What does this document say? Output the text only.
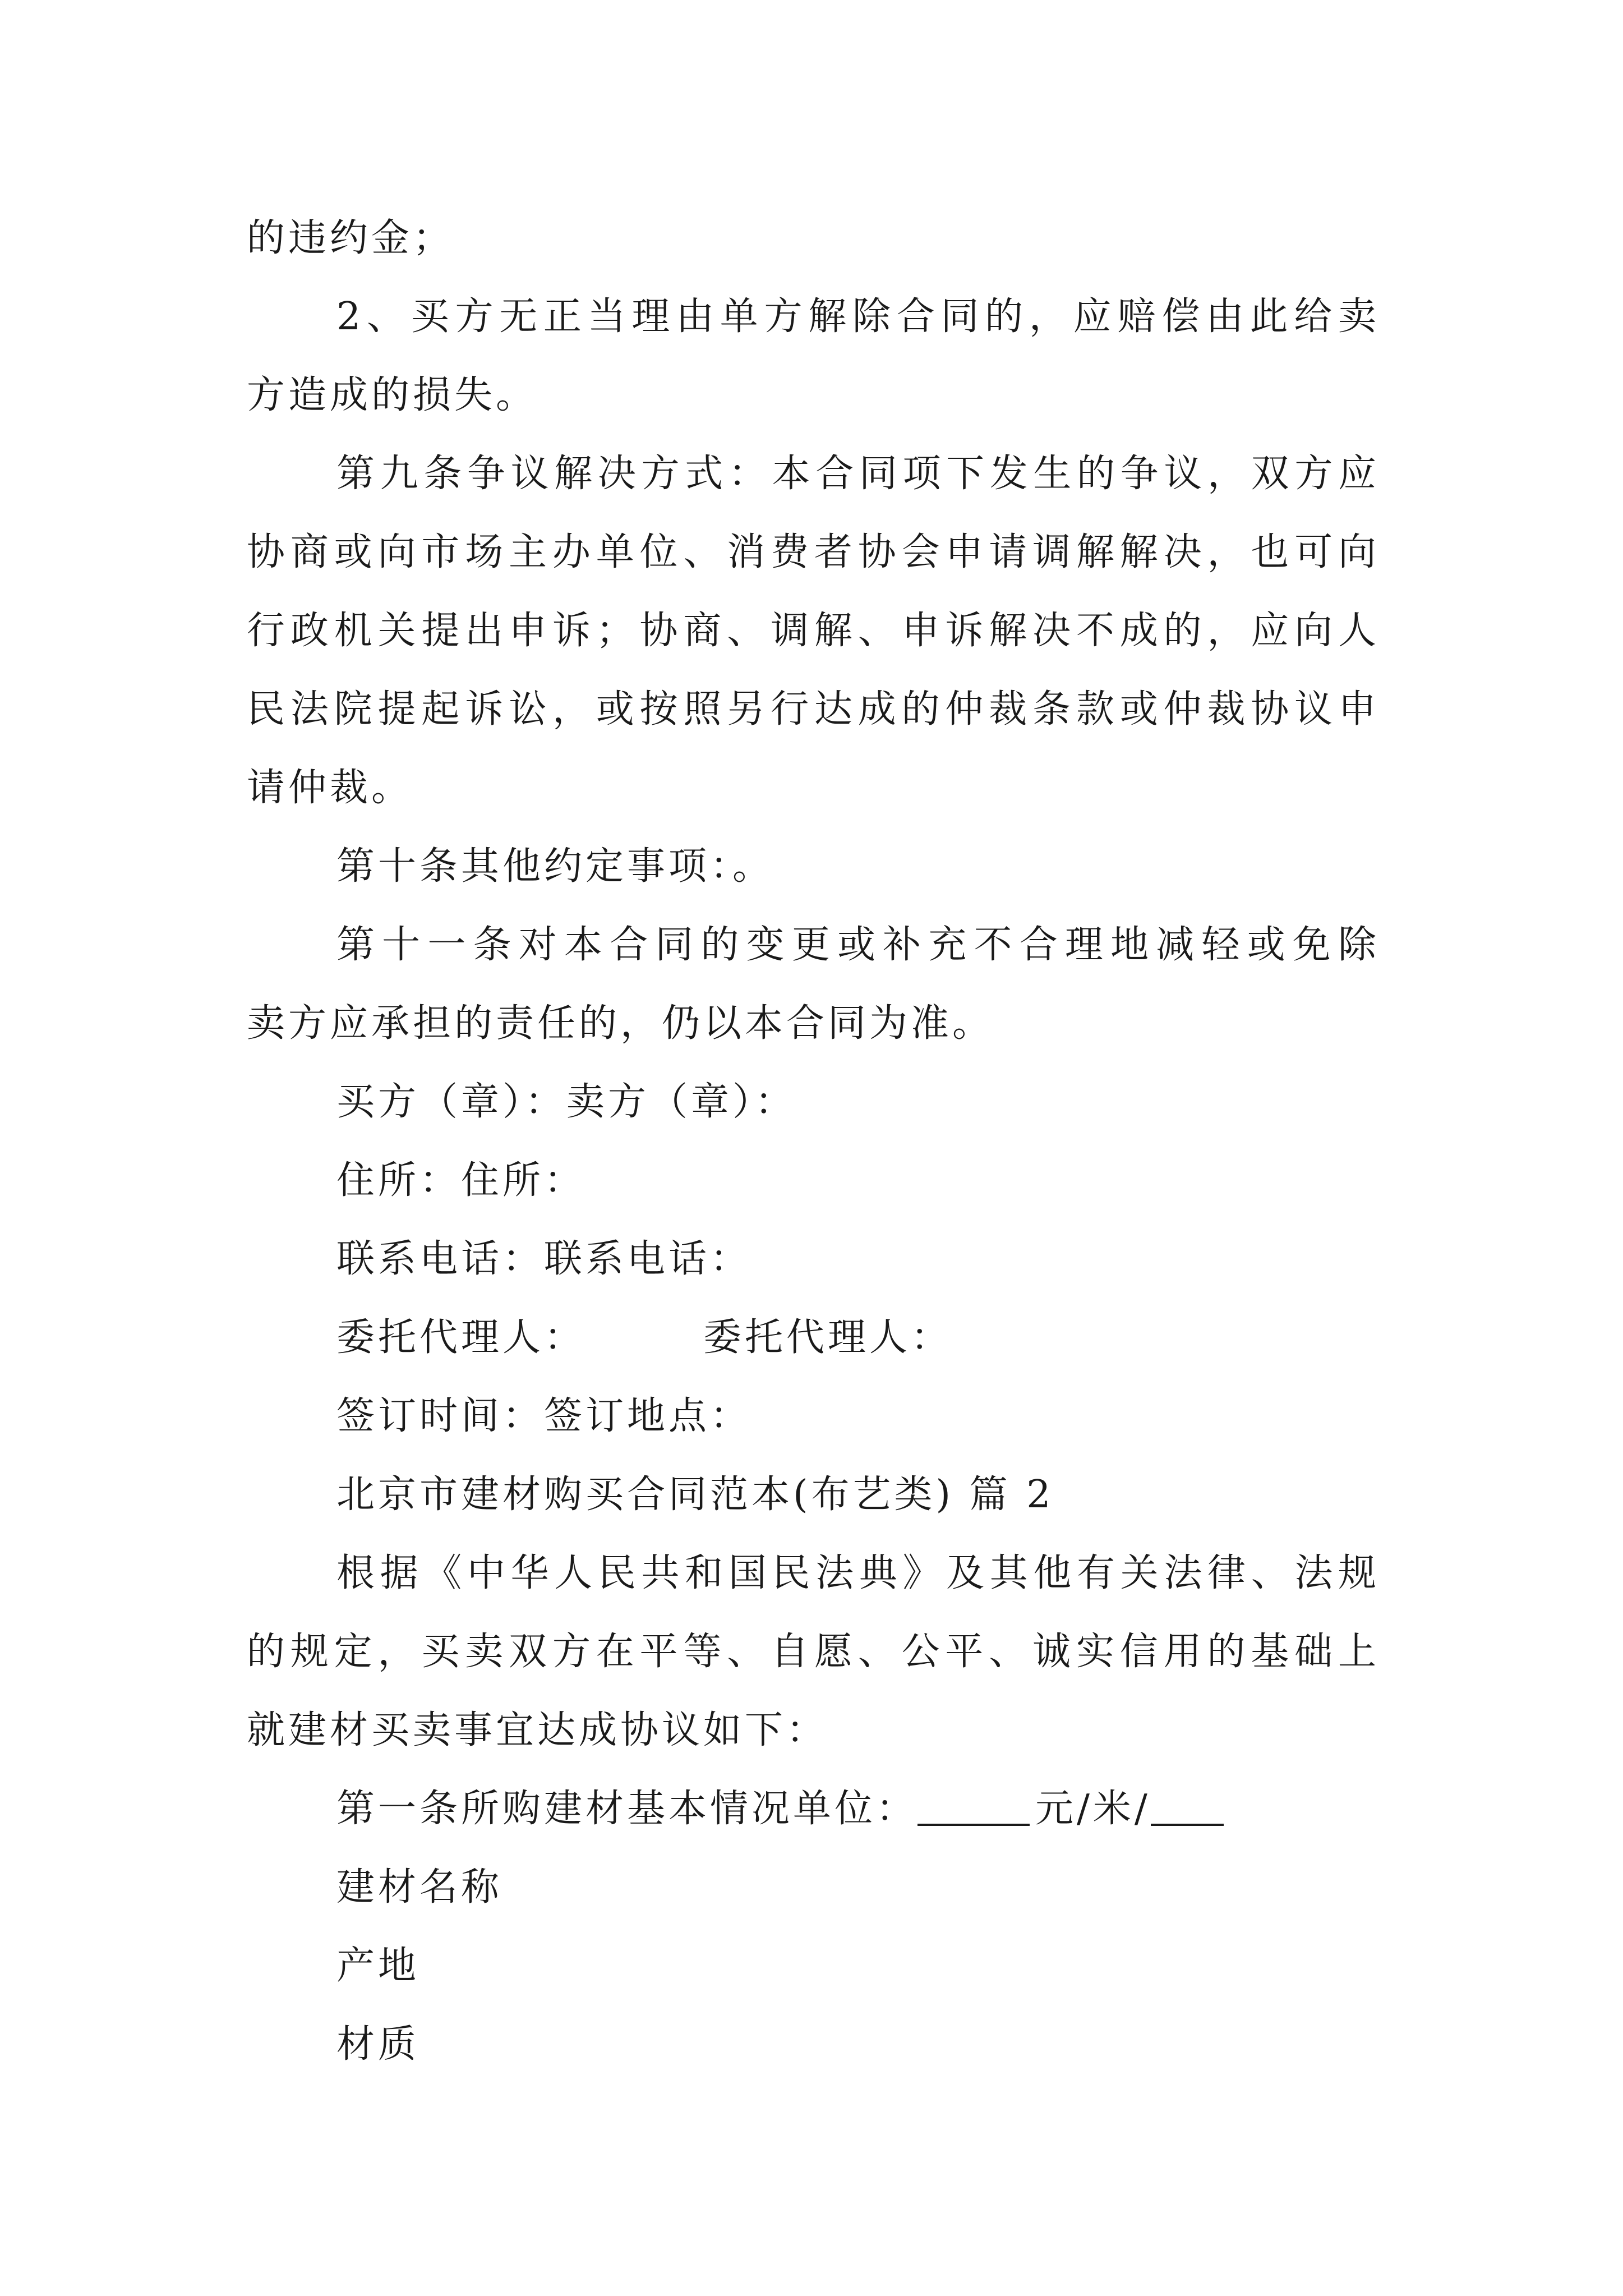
的违约金；

2、买方无正当理由单方解除合同的，应赔偿由此给卖

方造成的损失。

第九条争议解决方式：本合同项下发生的争议，双方应

协商或向市场主办单位、消费者协会申请调解解决，也可向

行政机关提出申诉；协商、调解、申诉解决不成的，应向人

民法院提起诉讼，或按照另行达成的仲裁条款或仲裁协议申

请仲裁。

第十条其他约定事项：。

第十一条对本合同的变更或补充不合理地减轻或免除

卖方应承担的责任的，仍以本合同为准。

买方（章）：卖方（章）：

住所：住所：

联系电话：联系电话：

委托代理人：	委托代理人：

签订时间：签订地点：

北京市建材购买合同范本(布艺类) 篇 2

根据《中华人民共和国民法典》及其他有关法律、法规

的规定，买卖双方在平等、自愿、公平、诚实信用的基础上

就建材买卖事宜达成协议如下：

第一条所购建材基本情况单位：	元/米/

建材名称

产地

材质
